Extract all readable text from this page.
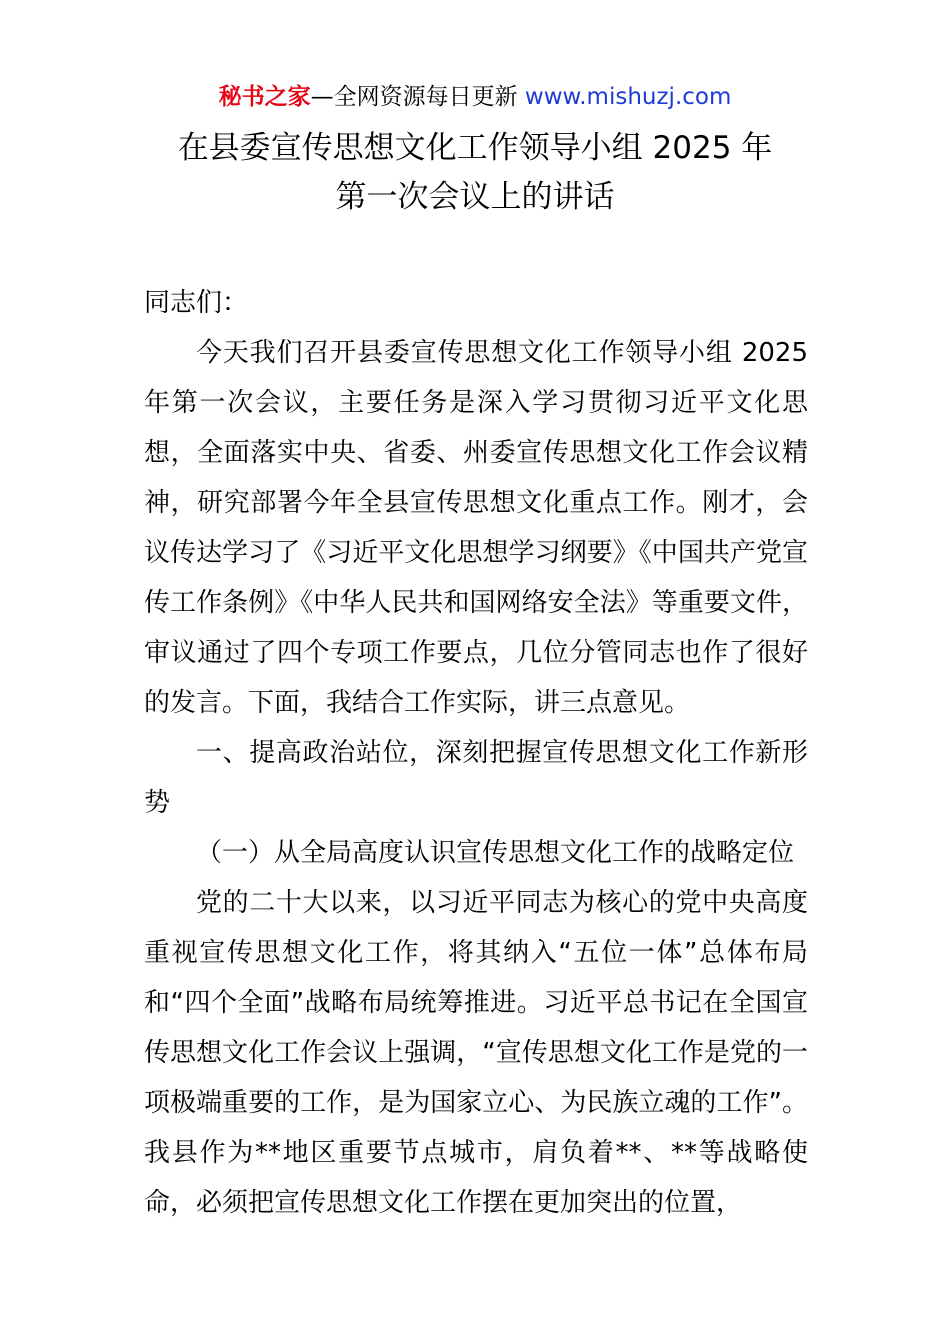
秘书之家—全网资源每日更新 www.mishuzj.com
在县委宣传思想文化工作领导小组 2025 年
第一次会议上的讲话

同志们：

今天我们召开县委宣传思想文化工作领导小组 2025 年第一次会议，主要任务是深入学习贯彻习近平文化思想，全面落实中央、省委、州委宣传思想文化工作会议精神，研究部署今年全县宣传思想文化重点工作。刚才，会议传达学习了《习近平文化思想学习纲要》《中国共产党宣传工作条例》《中华人民共和国网络安全法》等重要文件，审议通过了四个专项工作要点，几位分管同志也作了很好的发言。下面，我结合工作实际，讲三点意见。

一、提高政治站位，深刻把握宣传思想文化工作新形势

（一）从全局高度认识宣传思想文化工作的战略定位

党的二十大以来，以习近平同志为核心的党中央高度重视宣传思想文化工作，将其纳入“五位一体”总体布局和“四个全面”战略布局统筹推进。习近平总书记在全国宣传思想文化工作会议上强调，“宣传思想文化工作是党的一项极端重要的工作，是为国家立心、为民族立魂的工作”。我县作为**地区重要节点城市，肩负着**、**等战略使命，必须把宣传思想文化工作摆在更加突出的位置，
